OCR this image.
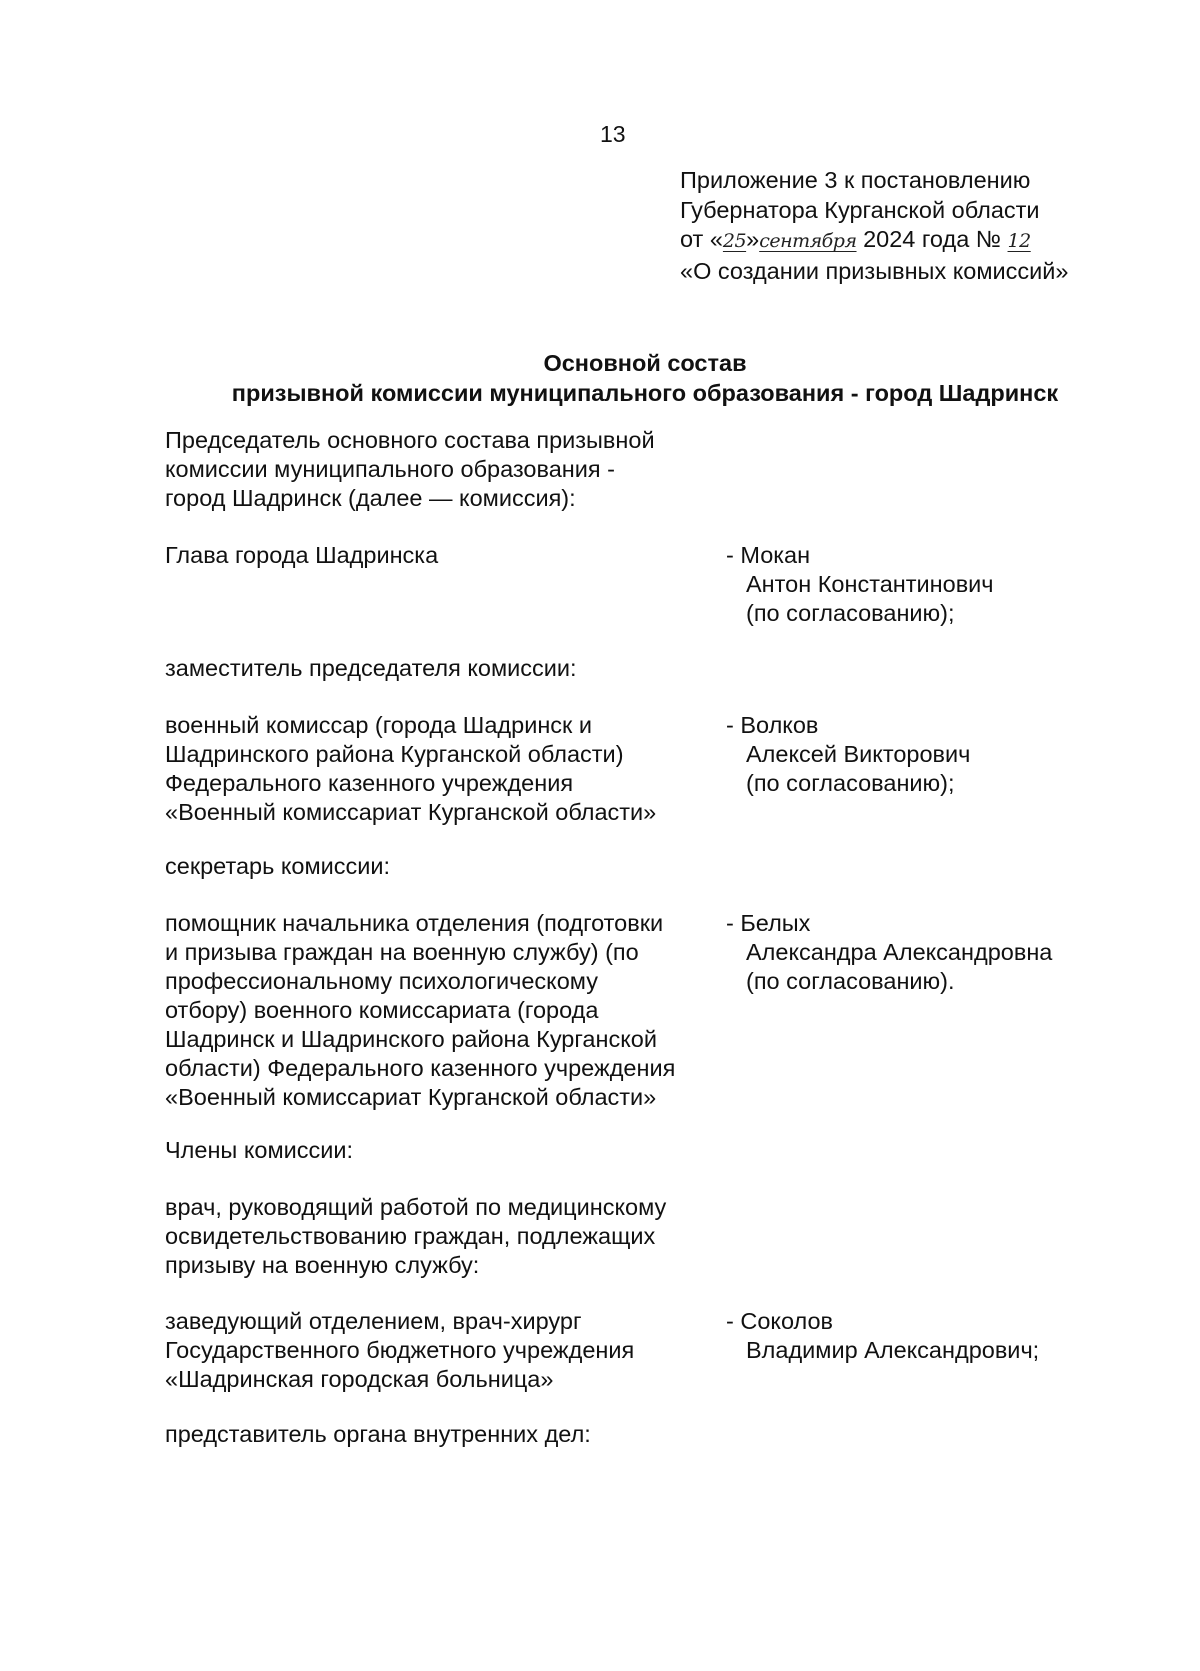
13
Приложение 3 к постановлению
Губернатора Курганской области
от «25»сентября 2024 года № 12
«О создании призывных комиссий»
Основной состав
призывной комиссии муниципального образования - город Шадринск
Председатель основного состава призывной
комиссии муниципального образования -
город Шадринск (далее — комиссия):
Глава города Шадринска	- Мокан
Антон Константинович
(по согласованию);
заместитель председателя комиссии:
военный комиссар (города Шадринск и
Шадринского района Курганской области)
Федерального казенного учреждения
«Военный комиссариат Курганской области»
- Волков
Алексей Викторович
(по согласованию);
секретарь комиссии:
помощник начальника отделения (подготовки
и призыва граждан на военную службу) (по
профессиональному психологическому
отбору) военного комиссариата (города
Шадринск и Шадринского района Курганской
области) Федерального казенного учреждения
«Военный комиссариат Курганской области»
- Белых
Александра Александровна
(по согласованию).
Члены комиссии:
врач, руководящий работой по медицинскому
освидетельствованию граждан, подлежащих
призыву на военную службу:
заведующий отделением, врач-хирург
Государственного бюджетного учреждения
«Шадринская городская больница»
- Соколов
Владимир Александрович;
представитель органа внутренних дел:
